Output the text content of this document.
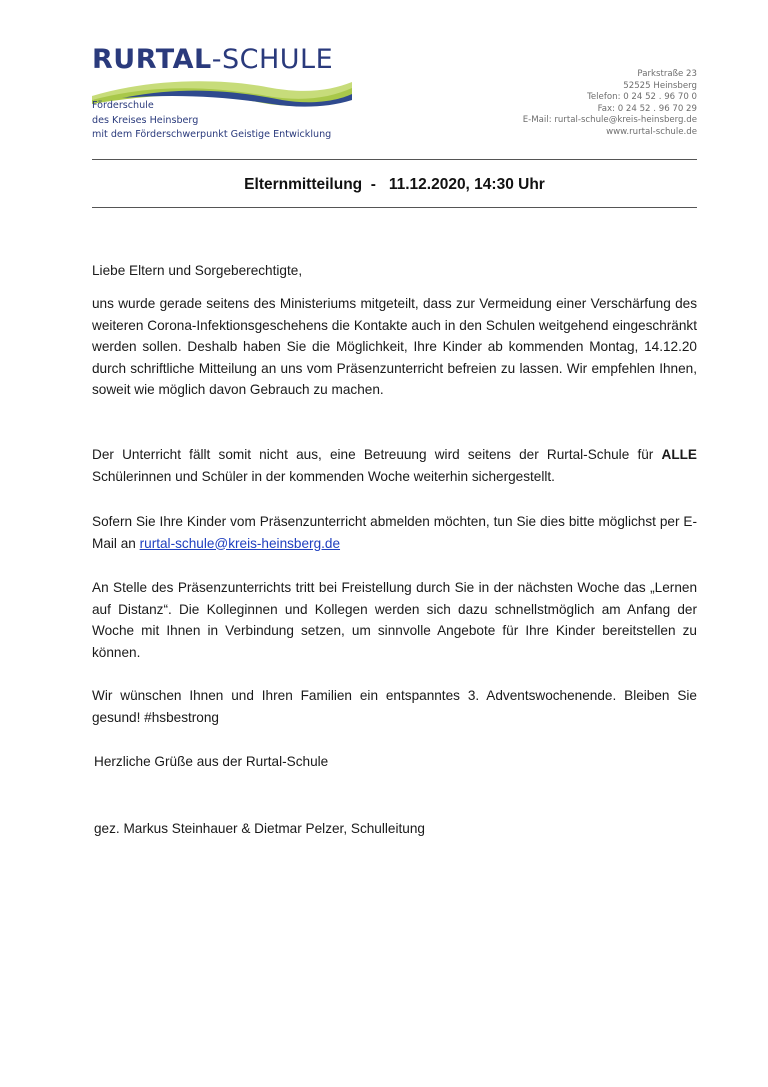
RURTAL-SCHULE
Förderschule
des Kreises Heinsberg
mit dem Förderschwerpunkt Geistige Entwicklung
Parkstraße 23
52525 Heinsberg
Telefon: 0 24 52 . 96 70 0
Fax: 0 24 52 . 96 70 29
E-Mail: rurtal-schule@kreis-heinsberg.de
www.rurtal-schule.de
Elternmitteilung  -   11.12.2020, 14:30 Uhr
Liebe Eltern und Sorgeberechtigte,
uns wurde gerade seitens des Ministeriums mitgeteilt, dass zur Vermeidung einer Verschärfung des weiteren Corona-Infektionsgeschehens die Kontakte auch in den Schulen weitgehend eingeschränkt werden sollen. Deshalb haben Sie die Möglichkeit, Ihre Kinder ab kommenden Montag, 14.12.20 durch schriftliche Mitteilung an uns vom Präsenzunterricht befreien zu lassen. Wir empfehlen Ihnen, soweit wie möglich davon Gebrauch zu machen.
Der Unterricht fällt somit nicht aus, eine Betreuung wird seitens der Rurtal-Schule für ALLE Schülerinnen und Schüler in der kommenden Woche weiterhin sichergestellt.
Sofern Sie Ihre Kinder vom Präsenzunterricht abmelden möchten, tun Sie dies bitte möglichst per E-Mail an rurtal-schule@kreis-heinsberg.de
An Stelle des Präsenzunterrichts tritt bei Freistellung durch Sie in der nächsten Woche das „Lernen auf Distanz“. Die Kolleginnen und Kollegen werden sich dazu schnellstmöglich am Anfang der Woche mit Ihnen in Verbindung setzen, um sinnvolle Angebote für Ihre Kinder bereitstellen zu können.
Wir wünschen Ihnen und Ihren Familien ein entspanntes 3. Adventswochenende. Bleiben Sie gesund! #hsbestrong
Herzliche Grüße aus der Rurtal-Schule
gez. Markus Steinhauer & Dietmar Pelzer, Schulleitung
